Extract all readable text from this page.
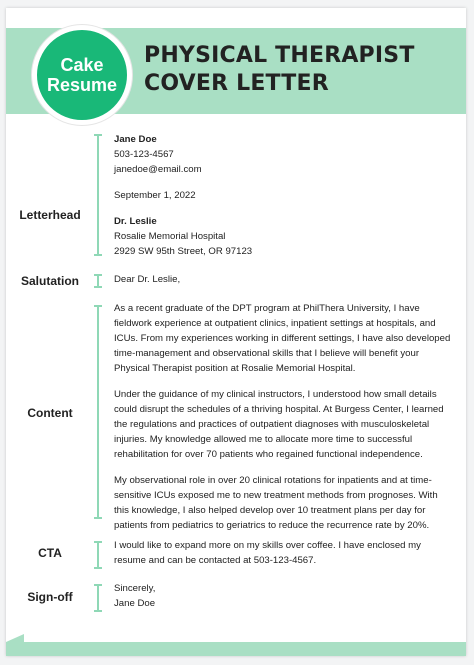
Cake
Resume
PHYSICAL THERAPIST
COVER LETTER
Letterhead

Jane Doe

503-123-4567

janedoe@email.com

September 1, 2022

Dr. Leslie

Rosalie Memorial Hospital

2929 SW 95th Street, OR 97123

Salutation	Dear Dr. Leslie,

Content

As a recent graduate of the DPT program at PhilThera University, I have fieldwork experience at outpatient clinics, inpatient settings at hospitals, and ICUs. From my experiences working in different settings, I have also developed time-management and observational skills that I believe will benefit your Physical Therapist position at Rosalie Memorial Hospital.

Under the guidance of my clinical instructors, I understood how small details could disrupt the schedules of a thriving hospital. At Burgess Center, I learned the regulations and practices of outpatient diagnoses with musculoskeletal injuries. My knowledge allowed me to allocate more time to successful rehabilitation for over 70 patients who regained functional independence.

My observational role in over 20 clinical rotations for inpatients and at time-sensitive ICUs exposed me to new treatment methods from prognoses. With this knowledge, I also helped develop over 10 treatment plans per day for patients from pediatrics to geriatrics to reduce the recurrence rate by 20%.

CTA

I would like to expand more on my skills over coffee. I have enclosed my resume and can be contacted at 503-123-4567.

Sign-off

Sincerely,

Jane Doe
